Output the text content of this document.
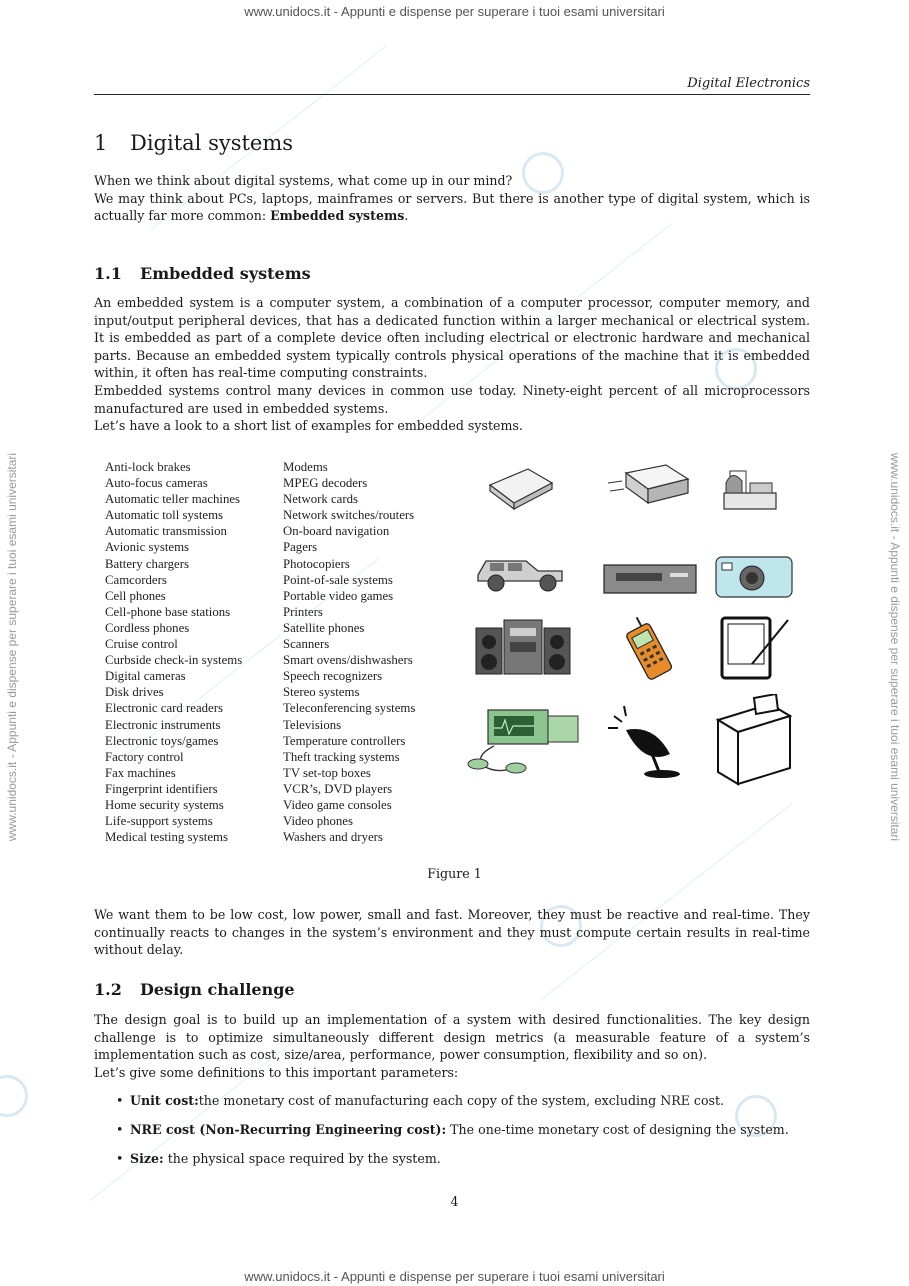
www.unidocs.it - Appunti e dispense per superare i tuoi esami universitari
www.unidocs.it - Appunti e dispense per superare i tuoi esami universitari
www.unidocs.it - Appunti e dispense per superare i tuoi esami universitari	www.unidocs.it - Appunti e dispense per superare i tuoi esami universitari
Digital Electronics
1 Digital systems

When we think about digital systems, what come up in our mind?
We may think about PCs, laptops, mainframes or servers. But there is another type of digital system, which is actually far more common: Embedded systems.

1.1 Embedded systems

An embedded system is a computer system, a combination of a computer processor, computer memory, and input/output peripheral devices, that has a dedicated function within a larger mechanical or electrical system. It is embedded as part of a complete device often including electrical or electronic hardware and mechanical parts. Because an embedded system typically controls physical operations of the machine that it is embedded within, it often has real-time computing constraints.
Embedded systems control many devices in common use today. Ninety-eight percent of all microprocessors manufactured are used in embedded systems.
Let’s have a look to a short list of examples for embedded systems.

Anti-lock brakes
Auto-focus cameras
Automatic teller machines
Automatic toll systems
Automatic transmission
Avionic systems
Battery chargers
Camcorders
Cell phones
Cell-phone base stations
Cordless phones
Cruise control
Curbside check-in systems
Digital cameras
Disk drives
Electronic card readers
Electronic instruments
Electronic toys/games
Factory control
Fax machines
Fingerprint identifiers
Home security systems
Life-support systems
Medical testing systems
Modems
MPEG decoders
Network cards
Network switches/routers
On-board navigation
Pagers
Photocopiers
Point-of-sale systems
Portable video games
Printers
Satellite phones
Scanners
Smart ovens/dishwashers
Speech recognizers
Stereo systems
Teleconferencing systems
Televisions
Temperature controllers
Theft tracking systems
TV set-top boxes
VCR’s, DVD players
Video game consoles
Video phones
Washers and dryers
Figure 1

We want them to be low cost, low power, small and fast. Moreover, they must be reactive and real-time. They continually reacts to changes in the system’s environment and they must compute certain results in real-time without delay.

1.2 Design challenge

The design goal is to build up an implementation of a system with desired functionalities. The key design challenge is to optimize simultaneously different design metrics (a measurable feature of a system’s implementation such as cost, size/area, performance, power consumption, flexibility and so on).
Let’s give some definitions to this important parameters:

• Unit cost:the monetary cost of manufacturing each copy of the system, excluding NRE cost.
• NRE cost (Non-Recurring Engineering cost): The one-time monetary cost of designing the system.
• Size: the physical space required by the system.
4
